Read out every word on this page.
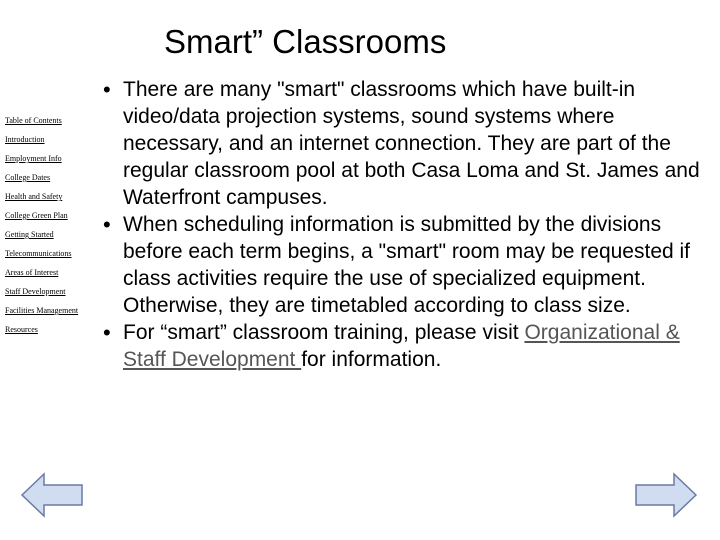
Smart” Classrooms
Table of Contents
Introduction
Employment Info
College Dates
Health and Safety
College Green Plan
Getting Started
Telecommunications
Areas of Interest
Staff Development
Facilities Management
Resources
• There are many "smart" classrooms which have built-in video/data projection systems, sound systems where necessary, and an internet connection. They are part of the regular classroom pool at both Casa Loma and St. James and Waterfront campuses.
• When scheduling information is submitted by the divisions before each term begins, a "smart" room may be requested if class activities require the use of specialized equipment. Otherwise, they are timetabled according to class size.
• For “smart” classroom training, please visit Organizational & Staff Development for information.
